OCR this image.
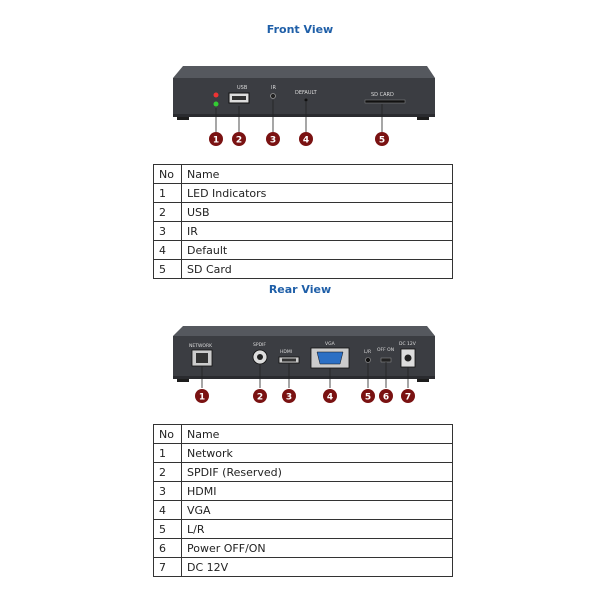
Front View
USB	IR
DEFAULT	SD CARD
1 2	3	4	5
No	Name
1	LED Indicators
2	USB
3	IR
4	Default
5	SD Card
Rear View
NETWORK	SPDIF
HDMI
VGA
L/R OFF ON
DC 12V
1	2	3	4	5 6 7
No	Name
1	Network
2	SPDIF (Reserved)
3	HDMI
4	VGA
5	L/R
6	Power OFF/ON
7	DC 12V
